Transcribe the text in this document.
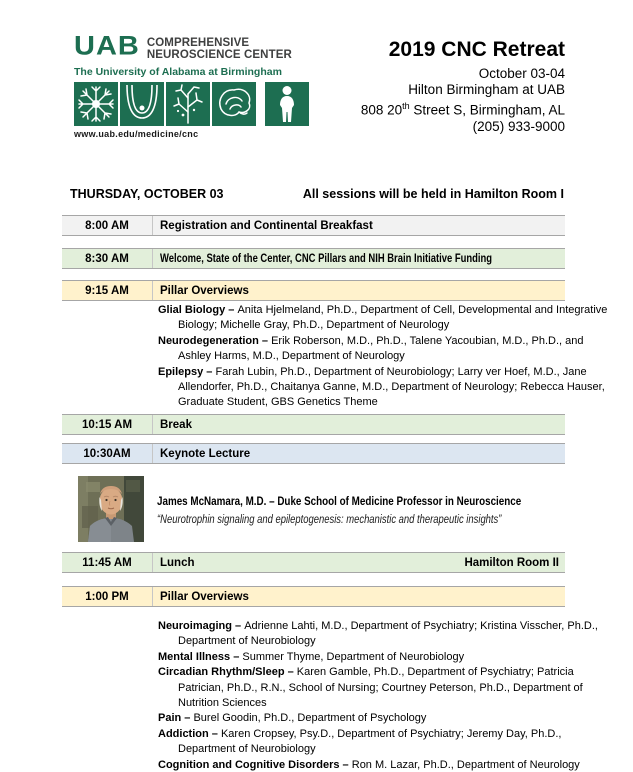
UAB COMPREHENSIVE
NEUROSCIENCE CENTER
The University of Alabama at Birmingham
www.uab.edu/medicine/cnc
2019 CNC Retreat
October 03-04
Hilton Birmingham at UAB
808 20th Street S, Birmingham, AL
(205) 933-9000
THURSDAY, OCTOBER 03	All sessions will be held in Hamilton Room I
8:00 AM	Registration and Continental Breakfast
8:30 AM	Welcome, State of the Center, CNC Pillars and NIH Brain Initiative Funding
9:15 AM	Pillar Overviews
Glial Biology – Anita Hjelmeland, Ph.D., Department of Cell, Developmental and Integrative Biology; Michelle Gray, Ph.D., Department of Neurology
Neurodegeneration – Erik Roberson, M.D., Ph.D., Talene Yacoubian, M.D., Ph.D., and Ashley Harms, M.D., Department of Neurology
Epilepsy – Farah Lubin, Ph.D., Department of Neurobiology; Larry ver Hoef, M.D., Jane Allendorfer, Ph.D., Chaitanya Ganne, M.D., Department of Neurology; Rebecca Hauser, Graduate Student, GBS Genetics Theme
10:15 AM	Break
10:30AM	Keynote Lecture
James McNamara, M.D. – Duke School of Medicine Professor in Neuroscience
“Neurotrophin signaling and epileptogenesis: mechanistic and therapeutic insights”
11:45 AM	Lunch	Hamilton Room II
1:00 PM	Pillar Overviews
Neuroimaging – Adrienne Lahti, M.D., Department of Psychiatry; Kristina Visscher, Ph.D., Department of Neurobiology
Mental Illness – Summer Thyme, Department of Neurobiology
Circadian Rhythm/Sleep – Karen Gamble, Ph.D., Department of Psychiatry; Patricia Patrician, Ph.D., R.N., School of Nursing; Courtney Peterson, Ph.D., Department of Nutrition Sciences
Pain – Burel Goodin, Ph.D., Department of Psychology
Addiction – Karen Cropsey, Psy.D., Department of Psychiatry; Jeremy Day, Ph.D., Department of Neurobiology
Cognition and Cognitive Disorders – Ron M. Lazar, Ph.D., Department of Neurology
